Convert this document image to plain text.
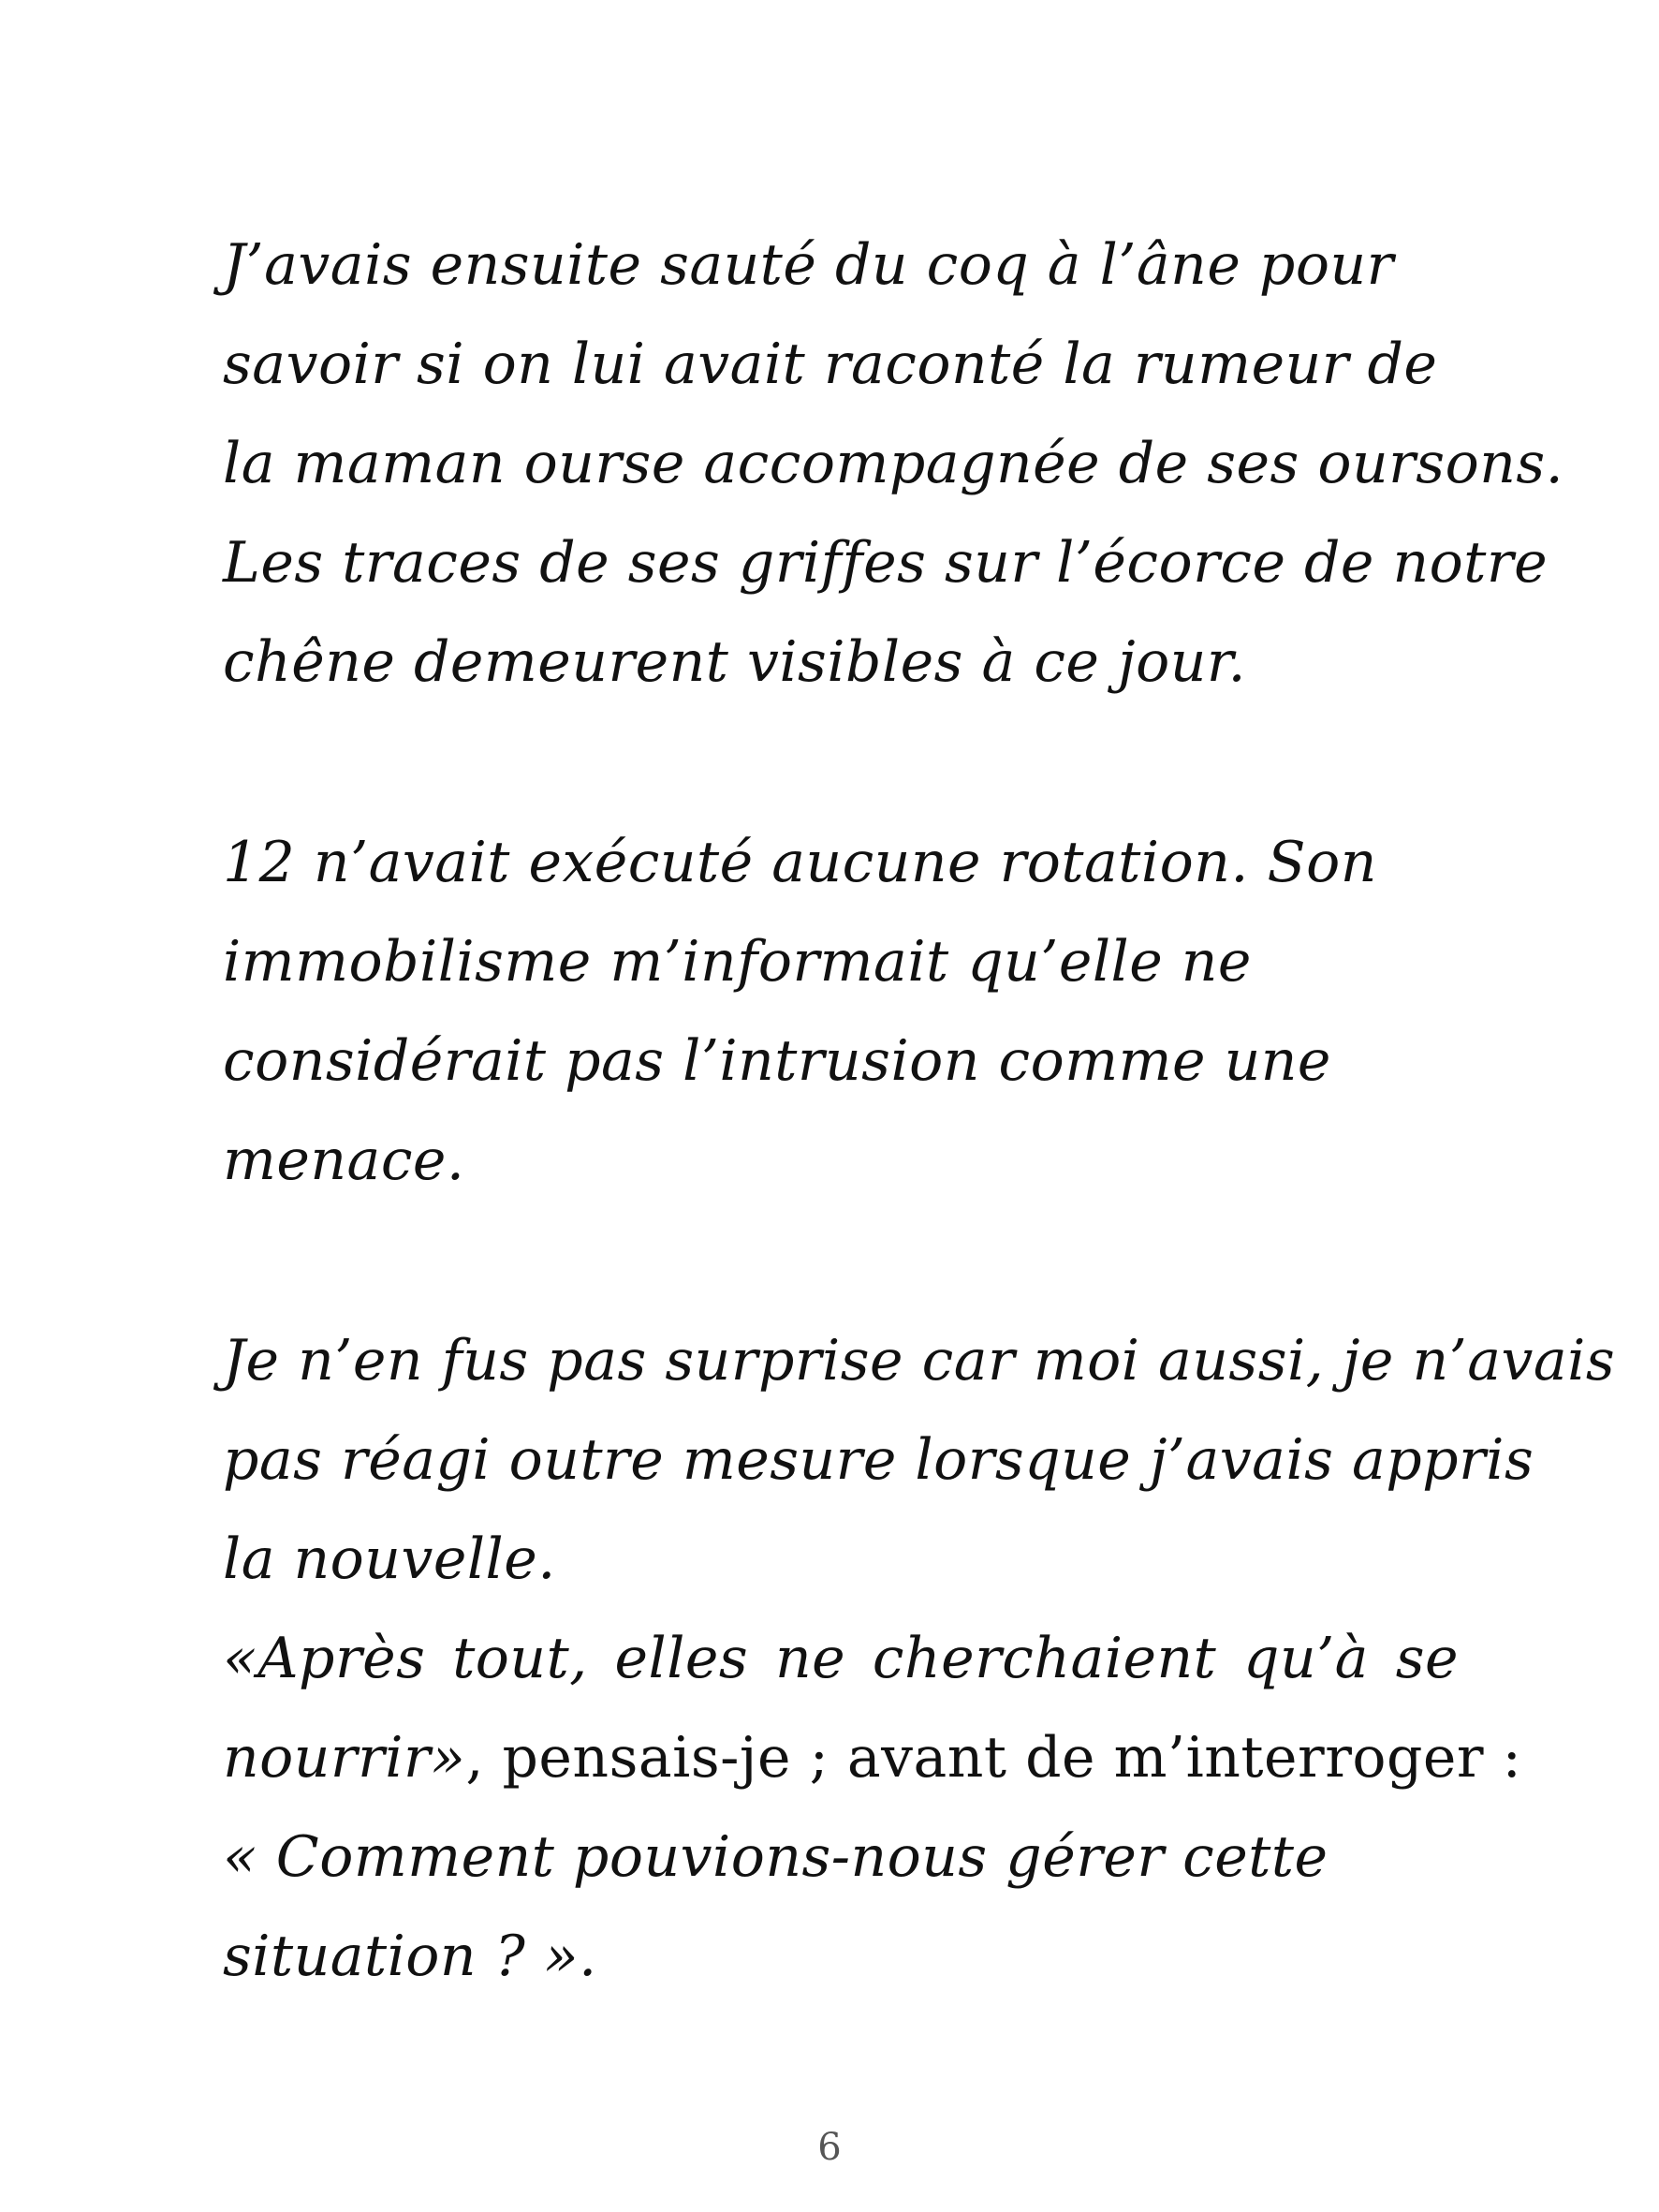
J’avais ensuite sauté du coq à l’âne pour
savoir si on lui avait raconté la rumeur de
la maman ourse accompagnée de ses oursons.
Les traces de ses griffes sur l’écorce de notre
chêne demeurent visibles à ce jour.
12 n’avait exécuté aucune rotation. Son
immobilisme m’informait qu’elle ne
considérait pas l’intrusion comme une
menace.
Je n’en fus pas surprise car moi aussi, je n’avais
pas réagi outre mesure lorsque j’avais appris
la nouvelle.
«Après tout, elles ne cherchaient qu’à se
nourrir», pensais-je ; avant de m’interroger :
« Comment pouvions-nous gérer cette
situation ? ».
6
